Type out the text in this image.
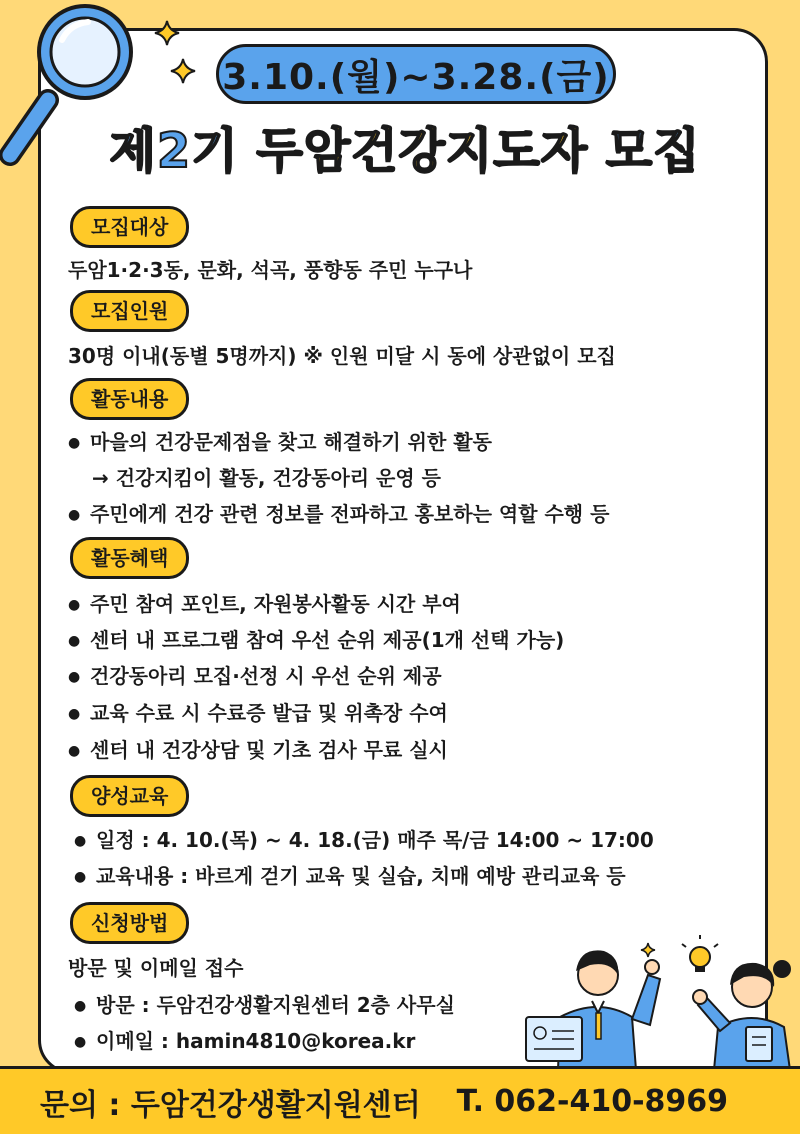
3.10.(월)~3.28.(금)
제2기 두암건강지도자 모집
모집대상
두암1·2·3동, 문화, 석곡, 풍향동 주민 누구나
모집인원
30명 이내(동별 5명까지) ※ 인원 미달 시 동에 상관없이 모집
활동내용
● 마을의 건강문제점을 찾고 해결하기 위한 활동
→ 건강지킴이 활동, 건강동아리 운영 등
● 주민에게 건강 관련 정보를 전파하고 홍보하는 역할 수행 등
활동혜택
● 주민 참여 포인트, 자원봉사활동 시간 부여
● 센터 내 프로그램 참여 우선 순위 제공(1개 선택 가능)
● 건강동아리 모집·선정 시 우선 순위 제공
● 교육 수료 시 수료증 발급 및 위촉장 수여
● 센터 내 건강상담 및 기초 검사 무료 실시
양성교육
● 일정 : 4. 10.(목) ~ 4. 18.(금) 매주 목/금 14:00 ~ 17:00
● 교육내용 : 바르게 걷기 교육 및 실습, 치매 예방 관리교육 등
신청방법
방문 및 이메일 접수
● 방문 : 두암건강생활지원센터 2층 사무실
● 이메일 : hamin4810@korea.kr
문의 : 두암건강생활지원센터 T. 062-410-8969
